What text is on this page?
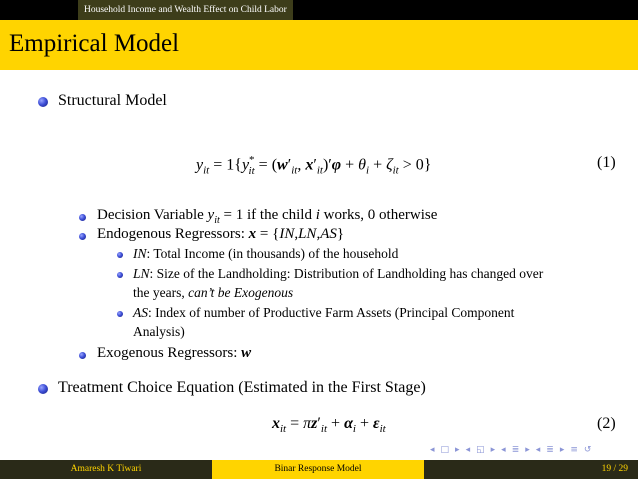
Household Income and Wealth Effect on Child Labor
Empirical Model
Structural Model
$y_{it} = 1\{y^*_{it} = (w'_{it}$, $x'_{it})'\varphi + \theta_i + \zeta_{it} > 0$}	(1)
Decision Variable $y_{it} = 1$ if the child i works, 0 otherwise
Endogenous Regressors: x = {IN,LN,AS}
IN: Total Income (in thousands) of the household
LN: Size of the Landholding: Distribution of Landholding has changed over
the years, can’t be Exogenous
AS: Index of number of Productive Farm Assets (Principal Component
Analysis)
Exogenous Regressors: w
Treatment Choice Equation (Estimated in the First Stage)
$x_{it} = \pi z'_{it} + \alpha_i + \varepsilon_{it}$	(2)
◂ □ ▸ ◂ ◱ ▸ ◂ ≣ ▸ ◂ ≣ ▸ ≡ ↺
Amaresh K Tiwari	Binar Response Model	19 / 29
